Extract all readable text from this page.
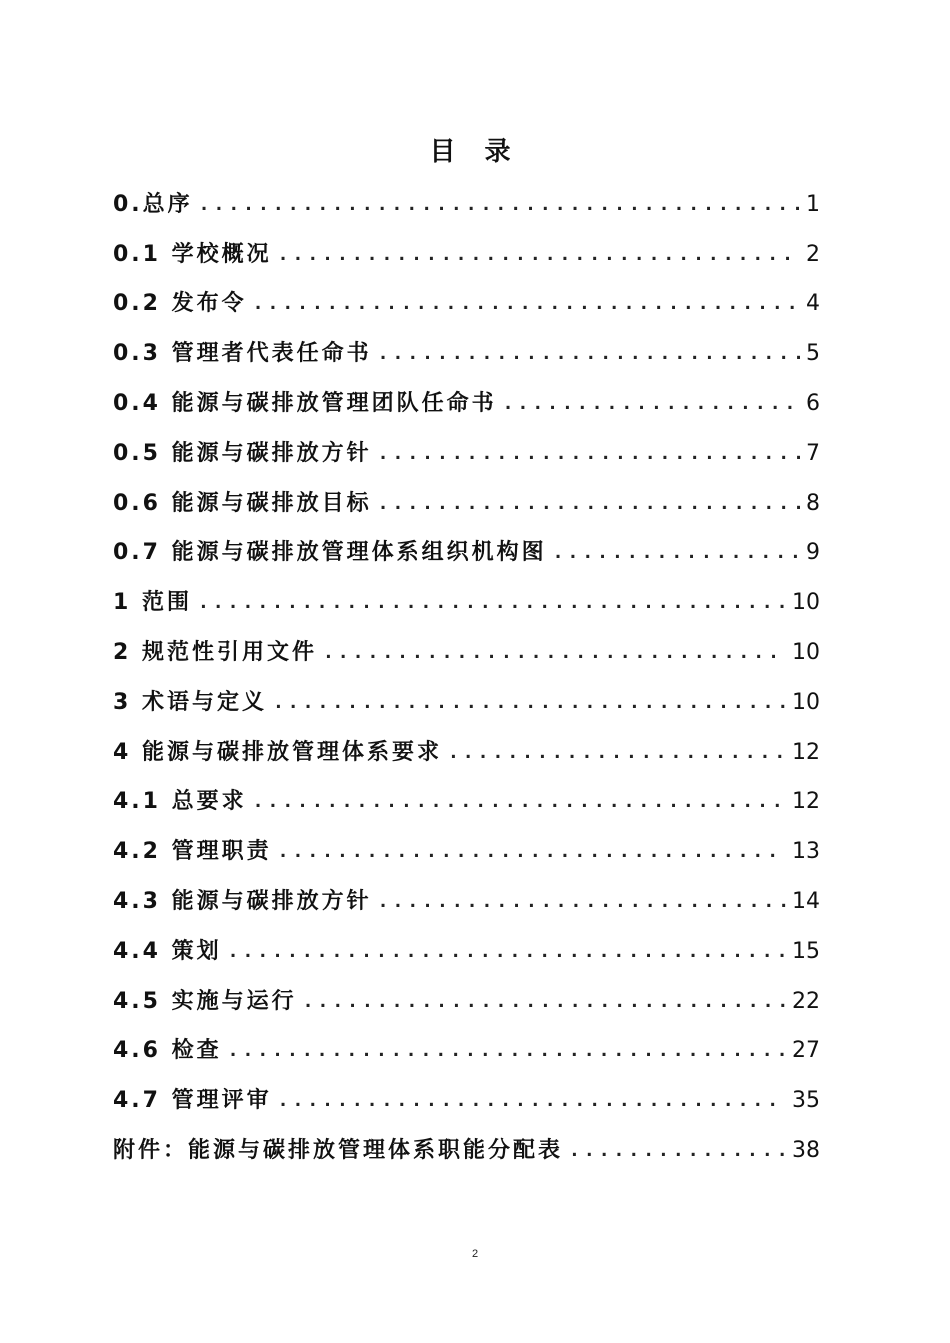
目 录
0.总序 .....	1
0.1 学校概况 .....	2
0.2 发布令 .....	4
0.3 管理者代表任命书 .....	5
0.4 能源与碳排放管理团队任命书 .....	6
0.5 能源与碳排放方针 .....	7
0.6 能源与碳排放目标 .....	8
0.7 能源与碳排放管理体系组织机构图 .....	9
1 范围 .....	10
2 规范性引用文件 .....	10
3 术语与定义 .....	10
4 能源与碳排放管理体系要求 .....	12
4.1 总要求 .....	12
4.2 管理职责 .....	13
4.3 能源与碳排放方针 .....	14
4.4 策划 .....	15
4.5 实施与运行 .....	22
4.6 检查 .....	27
4.7 管理评审 .....	35
附件：能源与碳排放管理体系职能分配表 .....	38
2
